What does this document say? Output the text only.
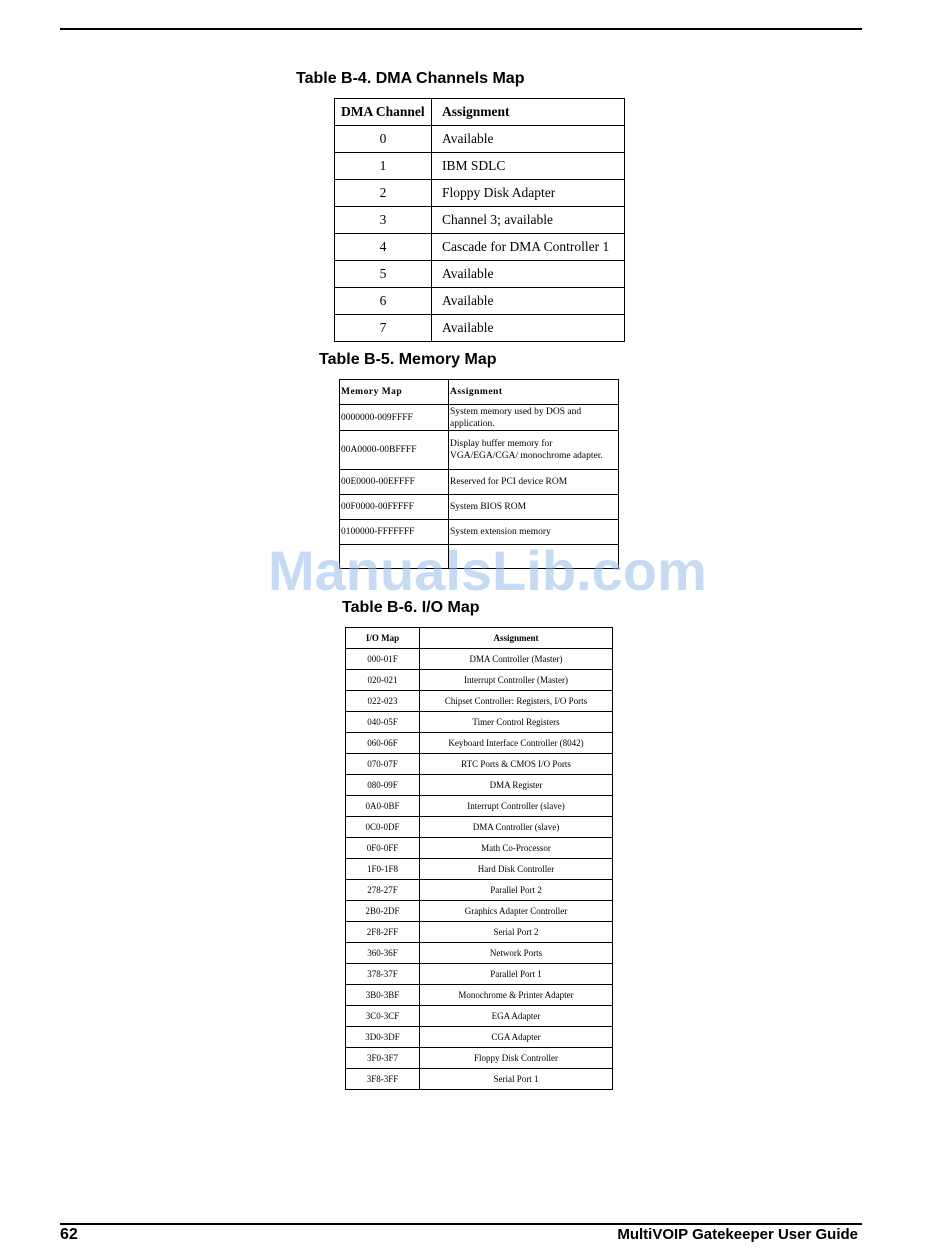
Table B-4. DMA Channels Map
DMA Channel	Assignment
0	Available
1	IBM SDLC
2	Floppy Disk Adapter
3	Channel 3; available
4	Cascade for DMA Controller 1
5	Available
6	Available
7	Available
Table B-5. Memory Map
Memory Map	Assignment
0000000-009FFFF	System memory used by DOS and application.
00A0000-00BFFFF	Display buffer memory for VGA/EGA/CGA/ monochrome adapter.
00E0000-00EFFFF	Reserved for PCI device ROM
00F0000-00FFFFF	System BIOS ROM
0100000-FFFFFFF	System extension memory

ManualsLib.com
Table B-6. I/O Map
I/O Map	Assignment
000-01F	DMA Controller (Master)
020-021	Interrupt Controller (Master)
022-023	Chipset Controller: Registers, I/O Ports
040-05F	Timer Control Registers
060-06F	Keyboard Interface Controller (8042)
070-07F	RTC Ports & CMOS I/O Ports
080-09F	DMA Register
0A0-0BF	Interrupt Controller (slave)
0C0-0DF	DMA Controller (slave)
0F0-0FF	Math Co-Processor
1F0-1F8	Hard Disk Controller
278-27F	Parallel Port 2
2B0-2DF	Graphics Adapter Controller
2F8-2FF	Serial Port 2
360-36F	Network Ports
378-37F	Parallel Port 1
3B0-3BF	Monochrome & Printer Adapter
3C0-3CF	EGA Adapter
3D0-3DF	CGA Adapter
3F0-3F7	Floppy Disk Controller
3F8-3FF	Serial Port 1
62	MultiVOIP Gatekeeper User Guide
